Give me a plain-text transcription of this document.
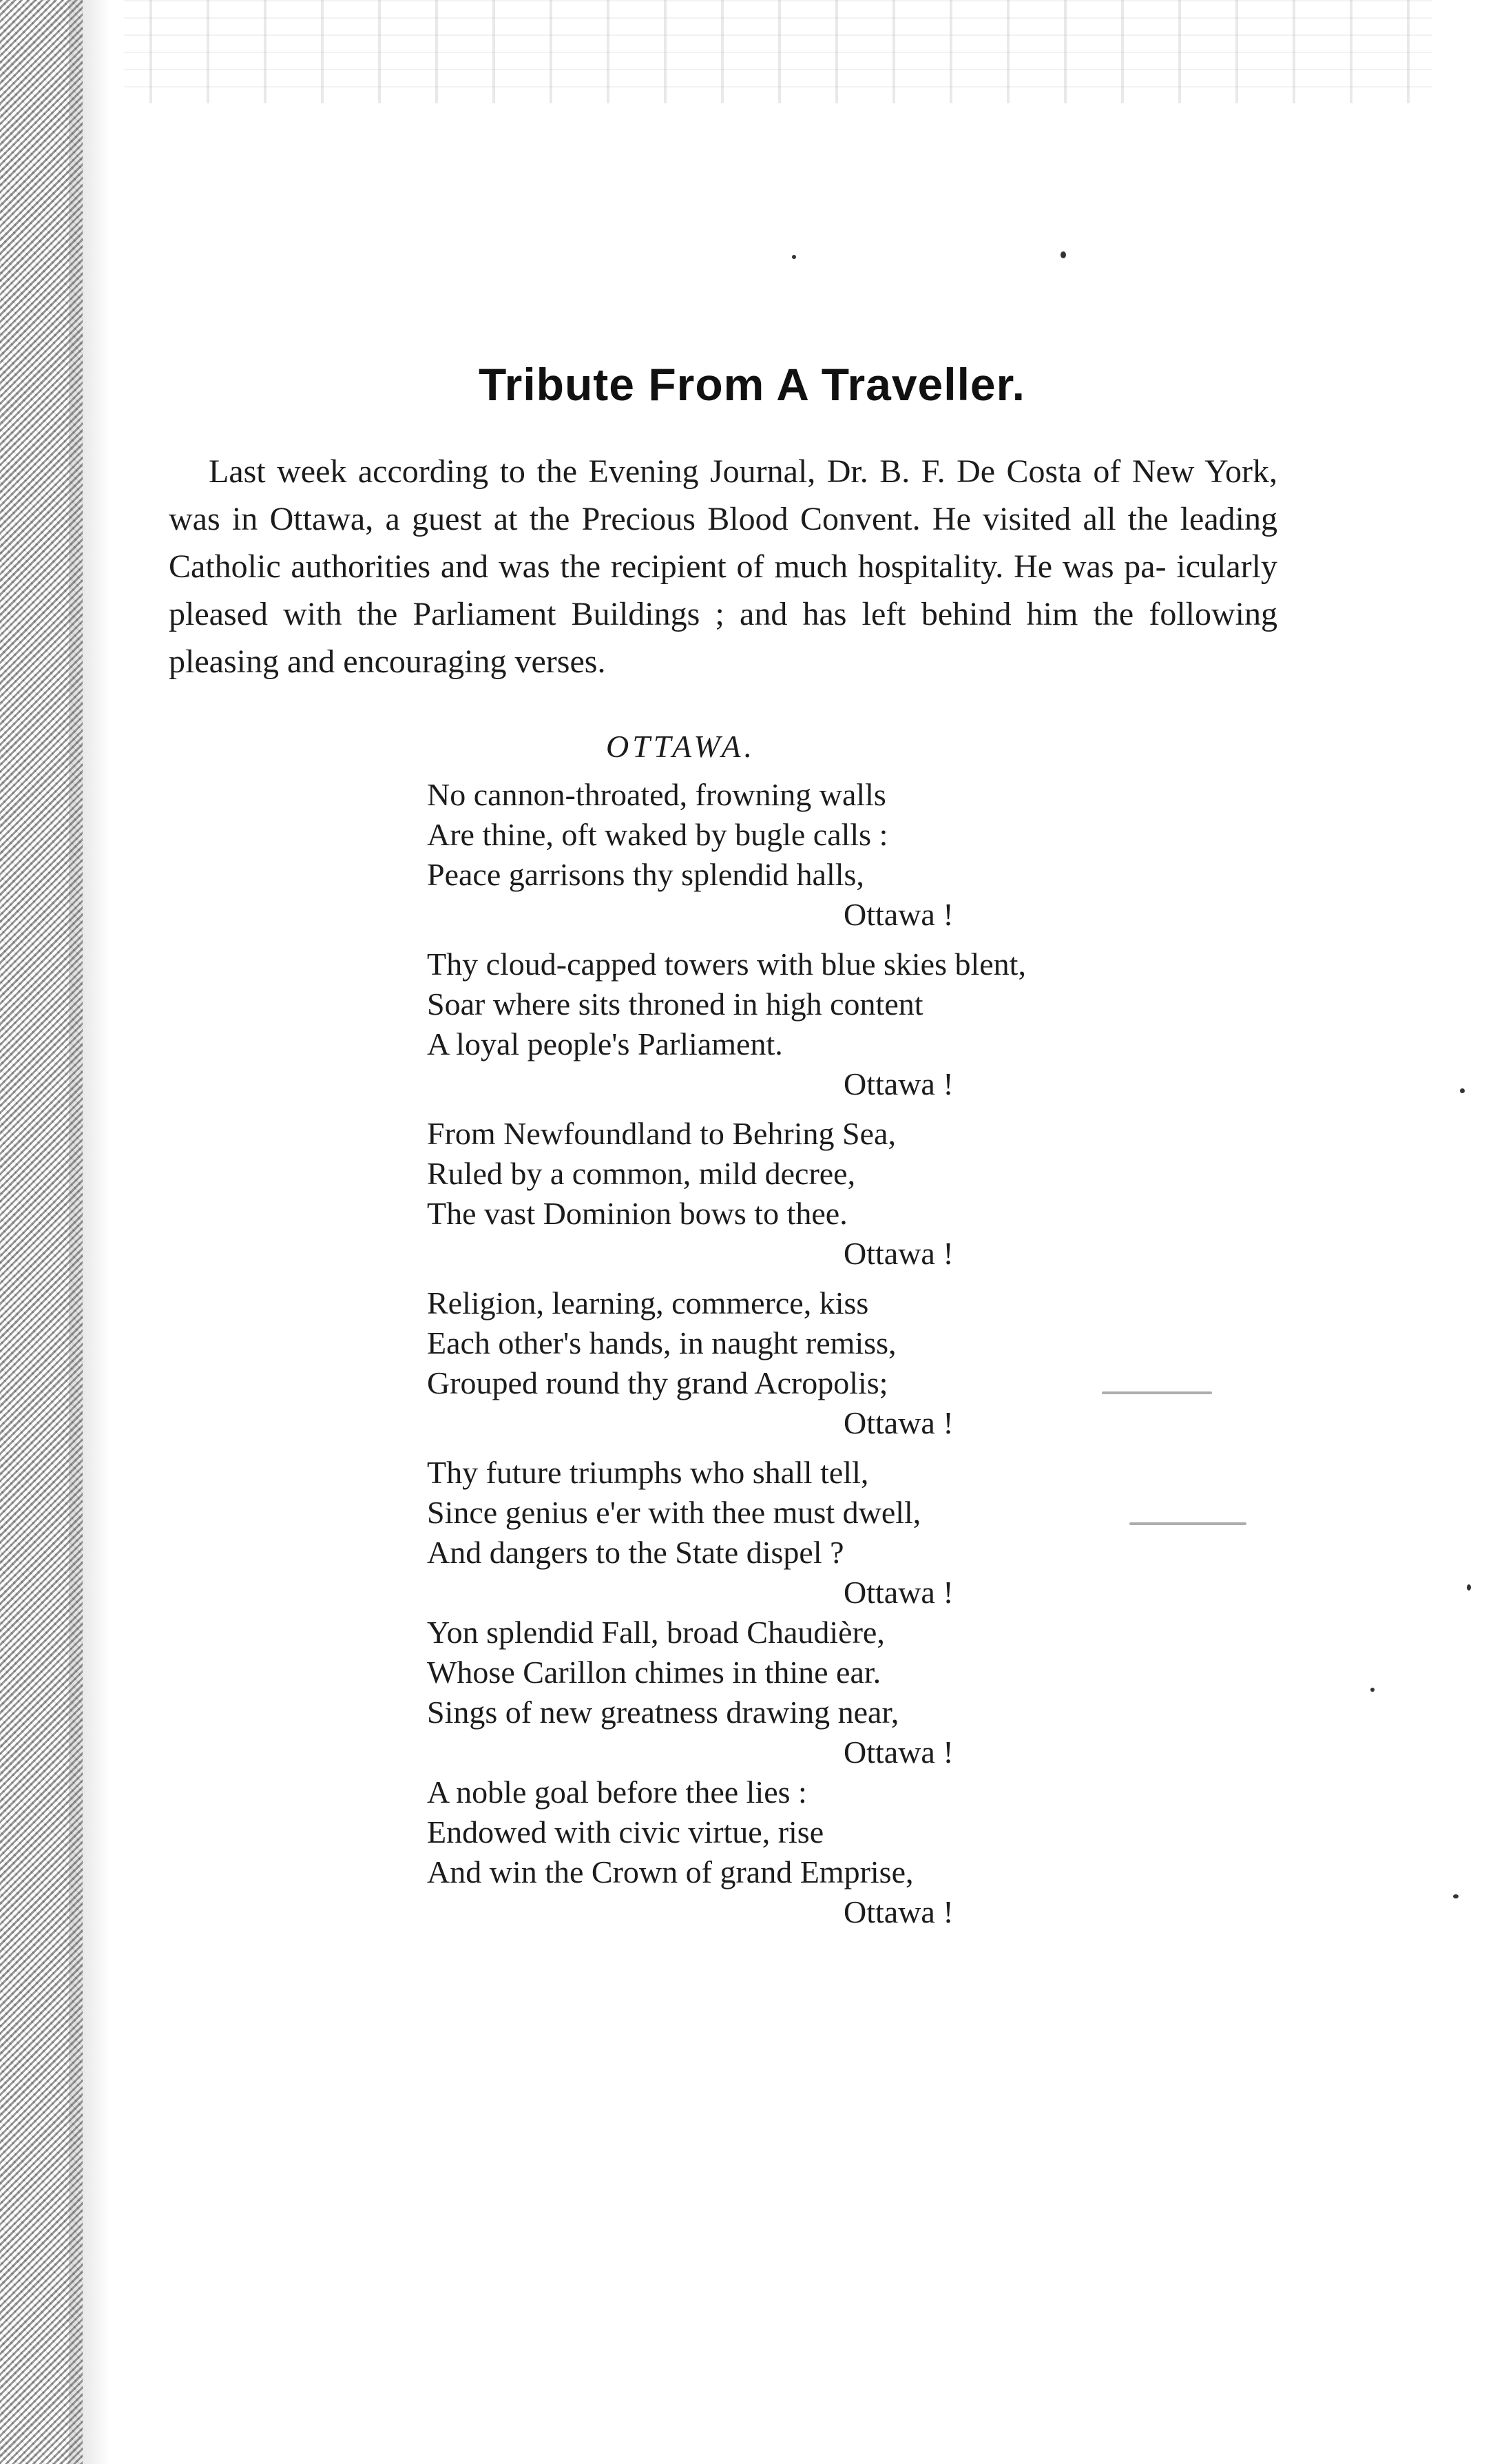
Tribute From A Traveller.

Last week according to the Evening Journal, Dr. B. F. De Costa of New York, was in Ottawa, a guest at the Precious Blood Convent. He visited all the leading Catholic authorities and was the recipient of much hospitality. He was pa- icularly pleased with the Parliament Buildings ; and has left behind him the following pleasing and encouraging verses.

OTTAWA.
No cannon-throated, frowning walls
Are thine, oft waked by bugle calls :
Peace garrisons thy splendid halls,
Ottawa !
Thy cloud-capped towers with blue skies blent,
Soar where sits throned in high content
A loyal people's Parliament.
Ottawa !
From Newfoundland to Behring Sea,
Ruled by a common, mild decree,
The vast Dominion bows to thee.
Ottawa !
Religion, learning, commerce, kiss
Each other's hands, in naught remiss,
Grouped round thy grand Acropolis;
Ottawa !
Thy future triumphs who shall tell,
Since genius e'er with thee must dwell,
And dangers to the State dispel ?
Ottawa !
Yon splendid Fall, broad Chaudière,
Whose Carillon chimes in thine ear.
Sings of new greatness drawing near,
Ottawa !
A noble goal before thee lies :
Endowed with civic virtue, rise
And win the Crown of grand Emprise,
Ottawa !
